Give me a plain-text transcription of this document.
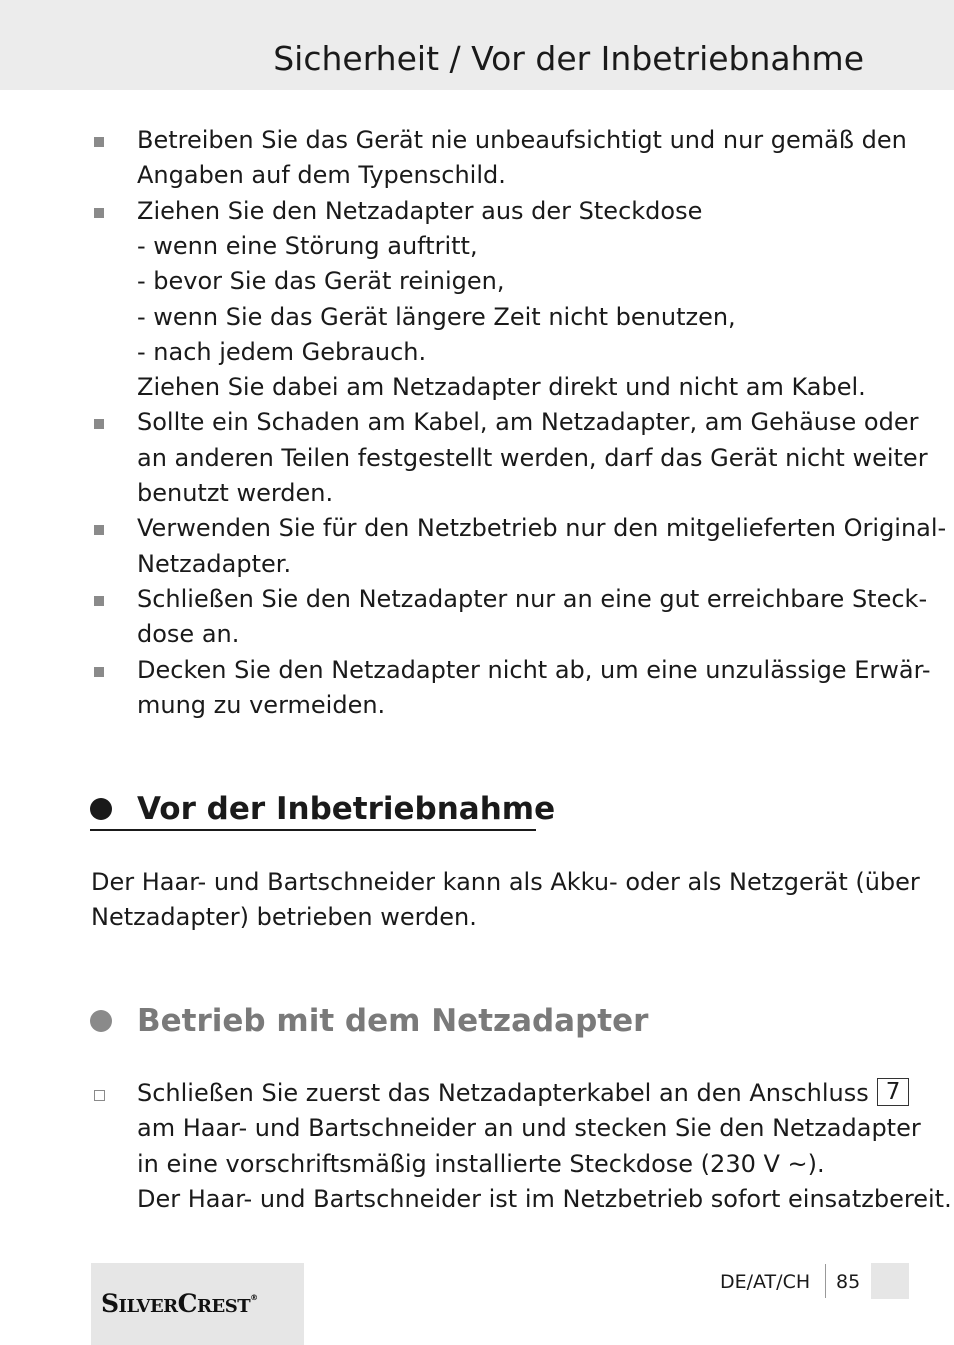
Sicherheit / Vor der Inbetriebnahme
Betreiben Sie das Gerät nie unbeaufsichtigt und nur gemäß den
Angaben auf dem Typenschild.
Ziehen Sie den Netzadapter aus der Steckdose
- wenn eine Störung auftritt,
- bevor Sie das Gerät reinigen,
- wenn Sie das Gerät längere Zeit nicht benutzen,
- nach jedem Gebrauch.
Ziehen Sie dabei am Netzadapter direkt und nicht am Kabel.
Sollte ein Schaden am Kabel, am Netzadapter, am Gehäuse oder
an anderen Teilen festgestellt werden, darf das Gerät nicht weiter
benutzt werden.
Verwenden Sie für den Netzbetrieb nur den mitgelieferten Original-
Netzadapter.
Schließen Sie den Netzadapter nur an eine gut erreichbare Steck-
dose an.
Decken Sie den Netzadapter nicht ab, um eine unzulässige Erwär-
mung zu vermeiden.
Vor der Inbetriebnahme
Der Haar- und Bartschneider kann als Akku- oder als Netzgerät (über
Netzadapter) betrieben werden.
Betrieb mit dem Netzadapter
Schließen Sie zuerst das Netzadapterkabel an den Anschluss 7
am Haar- und Bartschneider an und stecken Sie den Netzadapter
in eine vorschriftsmäßig installierte Steckdose (230 V ~).
Der Haar- und Bartschneider ist im Netzbetrieb sofort einsatzbereit.
SilverCrest®
DE/AT/CH 85
